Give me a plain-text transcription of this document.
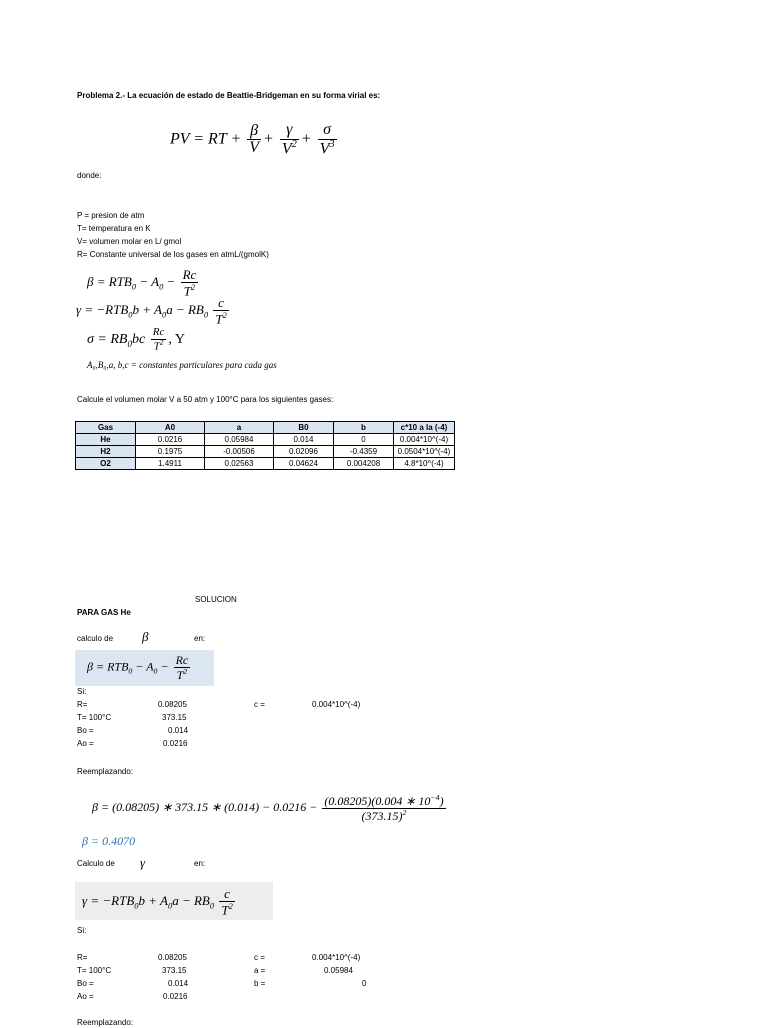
Problema 2.- La ecuación de estado de Beattie-Bridgeman en su forma virial es:
PV = RT + $\frac{\beta}{V} + \frac{\gamma}{V^2} + \frac{\sigma}{V^3}$
donde:
P = presion de atm
T= temperatura en K
V= volumen molar en L/ gmol
R= Constante universal de los gases en atmL/(gmolK)
$\beta = RTB_0 - A_0 - \frac{Rc}{T^2}$
$\gamma = -RTB_0b + A_0a - RB_0 \frac{c}{T^2}$
$\sigma = RB_0bc \frac{Rc}{T^2}$ , Y
A₀,B₀,a, b,c = constantes particulares para cada gas
Calcule el volumen molar V a 50 atm y 100°C para los siguientes gases:
Gas	A0	a	B0	b	c*10 a la (-4)
He	0.0216	0.05984	0.014	0	0.004*10^(-4)
H2	0.1975	-0.00506	0.02096	-0.4359	0.0504*10^(-4)
O2	1.4911	0.02563	0.04624	0.004208	4.8*10^(-4)
SOLUCION
PARA GAS He
calculo de β	en:
$\beta = RTB_0 - A_0 - \frac{Rc}{T^2}$
Si:
R=	0.08205	c =	0.004*10^(-4)
T= 100°C	373.15
Bo =	0.014
Ao =	0.0216
Reemplazando:
β = (0.08205) ∗ 373.15 ∗ $(0.014) - 0.0216 - \frac{(0.08205)(0.004 ∗ 10^{-4})}{(373.15)^2}$
β = 0.4070
Calculo de γ	en:
$\gamma = -RTB_0b + A_0a - RB_0 \frac{c}{T^2}$
Si:
R=	0.08205	c =	0.004*10^(-4)
T= 100°C	373.15	a =	0.05984
Bo =	0.014	b =	0
Ao =	0.0216
Reemplazando:
